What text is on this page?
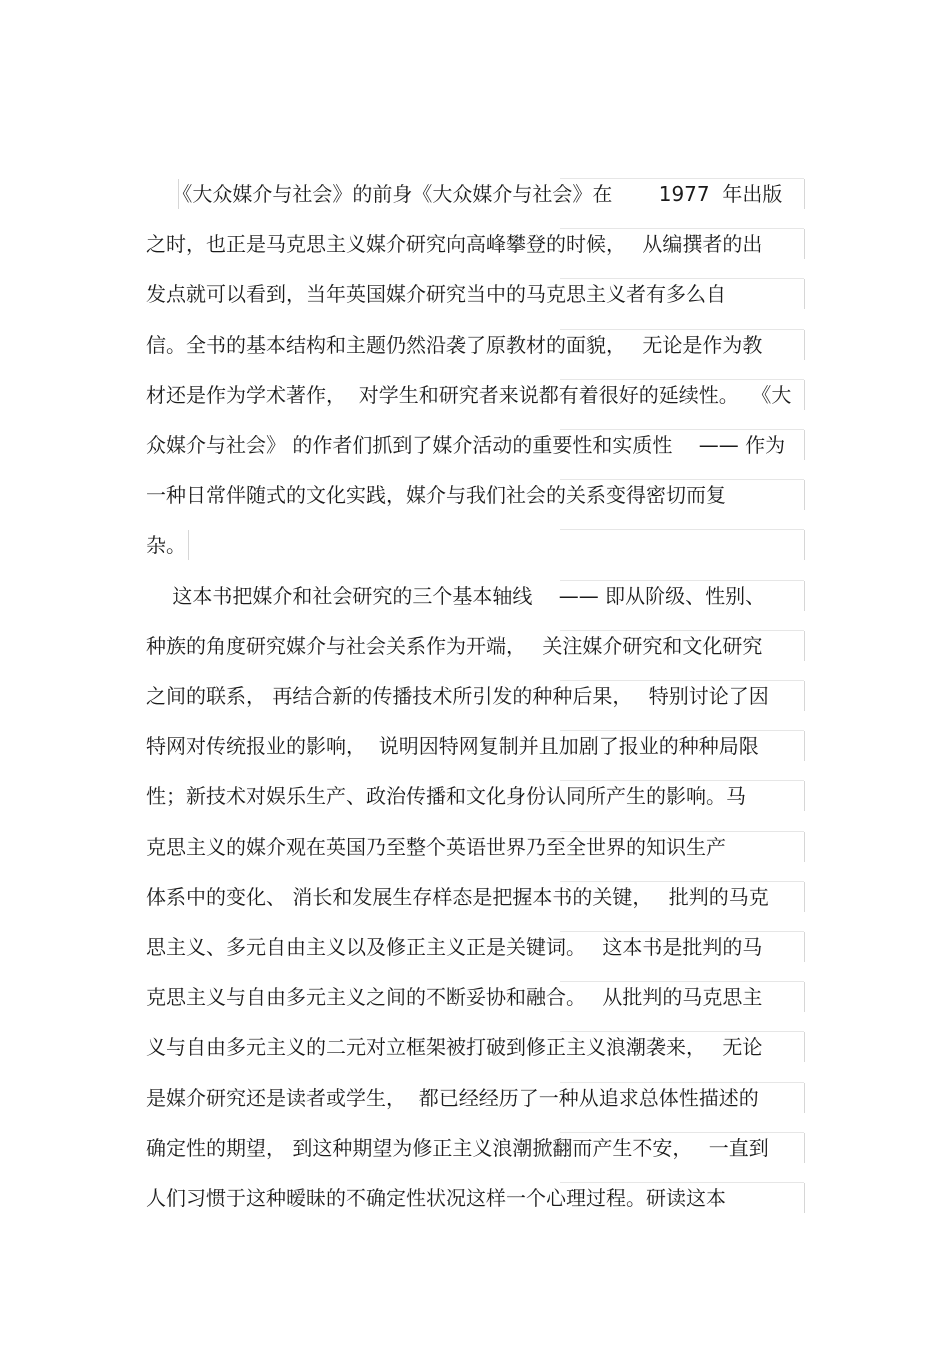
　 《大众媒介与社会》的前身《大众媒介与社会》在　　 1977  年出版
之时，也正是马克思主义媒介研究向高峰攀登的时候，　 从编撰者的出
发点就可以看到，当年英国媒介研究当中的马克思主义者有多么自
信。全书的基本结构和主题仍然沿袭了原教材的面貌，　 无论是作为教
材还是作为学术著作，  对学生和研究者来说都有着很好的延续性。  《大
众媒介与社会》 的作者们抓到了媒介活动的重要性和实质性　 —— 作为
一种日常伴随式的文化实践，媒介与我们社会的关系变得密切而复
杂。
　 这本书把媒介和社会研究的三个基本轴线　 —— 即从阶级、性别、
种族的角度研究媒介与社会关系作为开端，　 关注媒介研究和文化研究
之间的联系， 再结合新的传播技术所引发的种种后果，　 特别讨论了因
特网对传统报业的影响，  说明因特网复制并且加剧了报业的种种局限
性；新技术对娱乐生产、政治传播和文化身份认同所产生的影响。马
克思主义的媒介观在英国乃至整个英语世界乃至全世界的知识生产
体系中的变化、 消长和发展生存样态是把握本书的关键，　 批判的马克
思主义、多元自由主义以及修正主义正是关键词。　 这本书是批判的马
克思主义与自由多元主义之间的不断妥协和融合。　 从批判的马克思主
义与自由多元主义的二元对立框架被打破到修正主义浪潮袭来，　 无论
是媒介研究还是读者或学生，  都已经经历了一种从追求总体性描述的
确定性的期望， 到这种期望为修正主义浪潮掀翻而产生不安，　 一直到
人们习惯于这种暧昧的不确定性状况这样一个心理过程。研读这本
